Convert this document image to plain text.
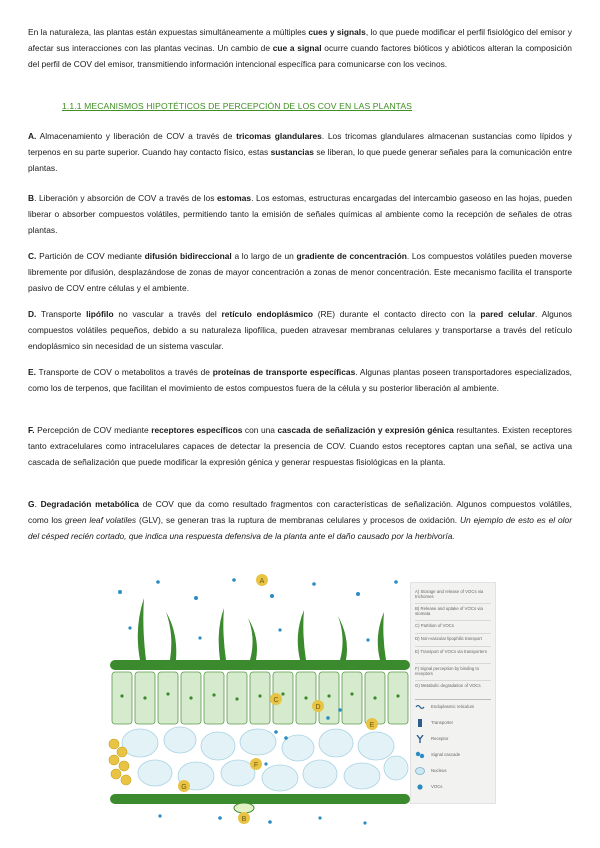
En la naturaleza, las plantas están expuestas simultáneamente a múltiples cues y signals, lo que puede modificar el perfil fisiológico del emisor y afectar sus interacciones con las plantas vecinas. Un cambio de cue a signal ocurre cuando factores bióticos y abióticos alteran la composición del perfil de COV del emisor, transmitiendo información intencional específica para comunicarse con los vecinos.

1.1.1 MECANISMOS HIPOTÉTICOS DE PERCEPCIÓN DE LOS COV EN LAS PLANTAS

A. Almacenamiento y liberación de COV a través de tricomas glandulares. Los tricomas glandulares almacenan sustancias como lípidos y terpenos en su parte superior. Cuando hay contacto físico, estas sustancias se liberan, lo que puede generar señales para la comunicación entre plantas.

B. Liberación y absorción de COV a través de los estomas. Los estomas, estructuras encargadas del intercambio gaseoso en las hojas, pueden liberar o absorber compuestos volátiles, permitiendo tanto la emisión de señales químicas al ambiente como la recepción de señales de otras plantas.

C. Partición de COV mediante difusión bidireccional a lo largo de un gradiente de concentración. Los compuestos volátiles pueden moverse libremente por difusión, desplazándose de zonas de mayor concentración a zonas de menor concentración. Este mecanismo facilita el transporte pasivo de COV entre células y el ambiente.

D. Transporte lipófilo no vascular a través del retículo endoplásmico (RE) durante el contacto directo con la pared celular. Algunos compuestos volátiles pequeños, debido a su naturaleza lipofílica, pueden atravesar membranas celulares y transportarse a través del retículo endoplásmico sin necesidad de un sistema vascular.

E. Transporte de COV o metabolitos a través de proteínas de transporte específicas. Algunas plantas poseen transportadores especializados, como los de terpenos, que facilitan el movimiento de estos compuestos fuera de la célula y su posterior liberación al ambiente.

F. Percepción de COV mediante receptores específicos con una cascada de señalización y expresión génica resultantes. Existen receptores tanto extracelulares como intracelulares capaces de detectar la presencia de COV. Cuando estos receptores captan una señal, se activa una cascada de señalización que puede modificar la expresión génica y generar respuestas fisiológicas en la planta.

G. Degradación metabólica de COV que da como resultado fragmentos con características de señalización. Algunos compuestos volátiles, como los green leaf volatiles (GLV), se generan tras la ruptura de membranas celulares y procesos de oxidación. Un ejemplo de esto es el olor del césped recién cortado, que indica una respuesta defensiva de la planta ante el daño causado por la herbivoría.

A
B
C
D
E
F
G
A) Storage and release of VOCs via trichomes
B) Release and uptake of VOCs via stomata
C) Partition of VOCs
D) Non-vascular lipophilic transport
E) Transport of VOCs via transporters
F) Signal perception by binding to receptors
G) Metabolic degradation of VOCs
Endoplasmic reticulum
Transporter
Receptor
Signal cascade
Nucleus
VOCs
